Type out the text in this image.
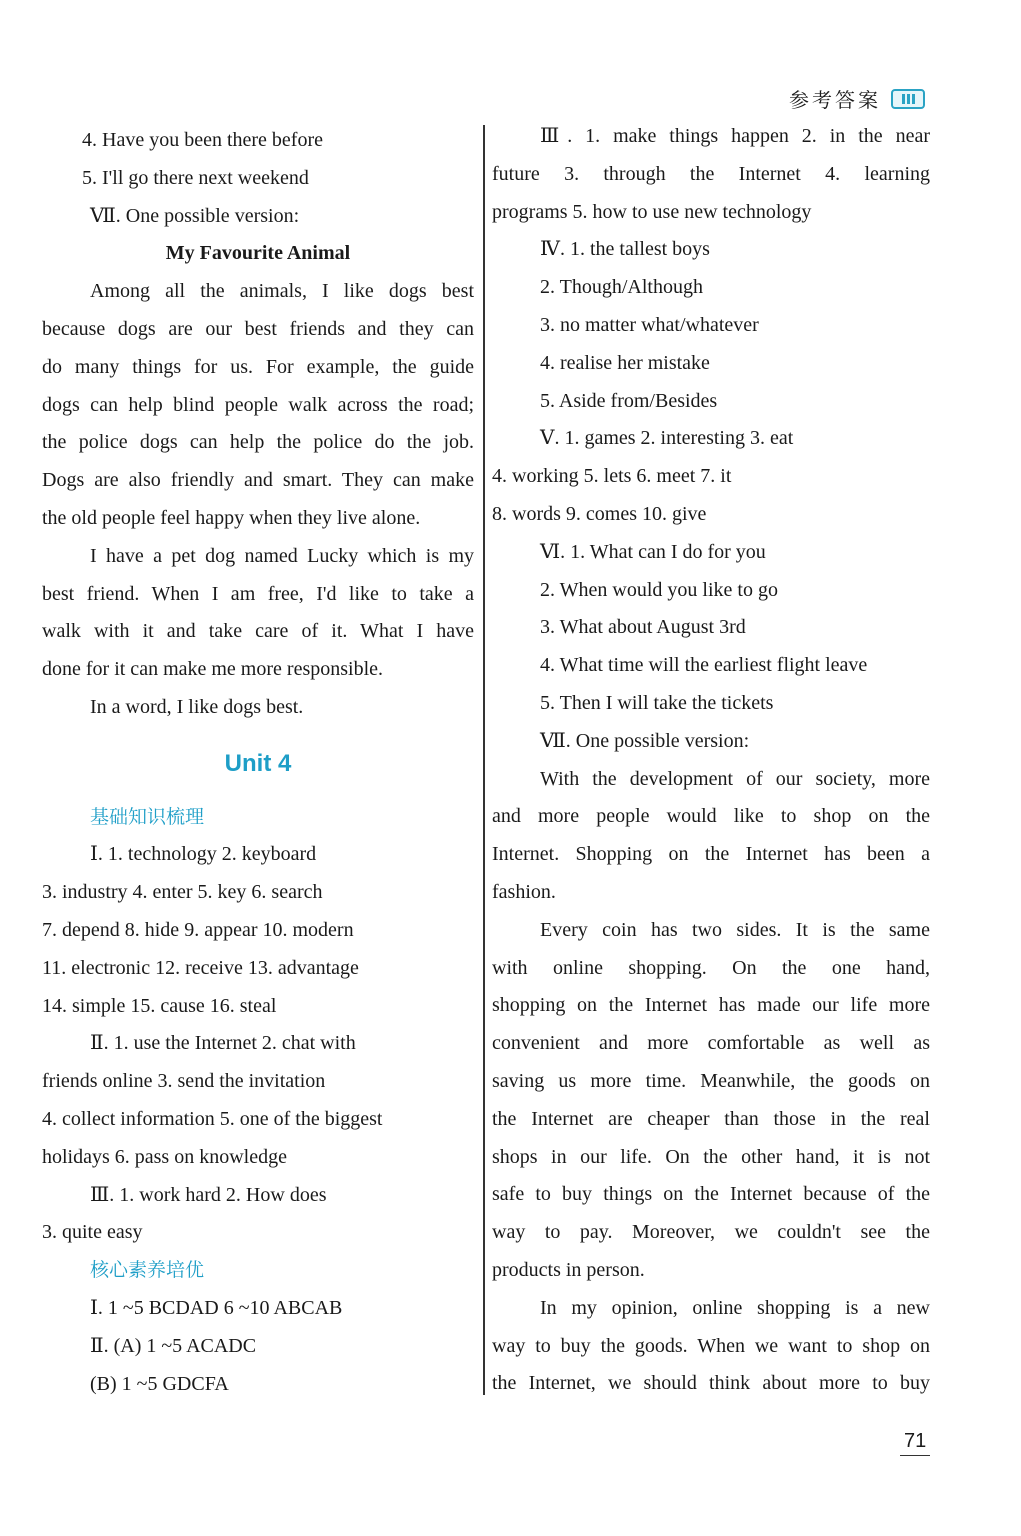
参考答案
4. Have you been there before
5. I'll go there next weekend
Ⅶ. One possible version:
My Favourite Animal
Among all the animals, I like dogs best
because dogs are our best friends and they can
do many things for us. For example, the guide
dogs can help blind people walk across the road;
the police dogs can help the police do the job.
Dogs are also friendly and smart. They can make
the old people feel happy when they live alone.
I have a pet dog named Lucky which is my
best friend. When I am free, I'd like to take a
walk with it and take care of it. What I have
done for it can make me more responsible.
In a word, I like dogs best.
Unit 4
基础知识梳理
Ⅰ. 1. technology 2. keyboard
3. industry 4. enter 5. key 6. search
7. depend 8. hide 9. appear 10. modern
11. electronic 12. receive 13. advantage
14. simple 15. cause 16. steal
Ⅱ. 1. use the Internet 2. chat with
friends online 3. send the invitation
4. collect information 5. one of the biggest
holidays 6. pass on knowledge
Ⅲ. 1. work hard 2. How does
3. quite easy
核心素养培优
Ⅰ. 1 ~5 BCDAD 6 ~10 ABCAB
Ⅱ. (A) 1 ~5 ACADC
(B) 1 ~5 GDCFA
Ⅲ. 1. make things happen 2. in the near
future 3. through the Internet 4. learning
programs 5. how to use new technology
Ⅳ. 1. the tallest boys
2. Though/Although
3. no matter what/whatever
4. realise her mistake
5. Aside from/Besides
Ⅴ. 1. games 2. interesting 3. eat
4. working 5. lets 6. meet 7. it
8. words 9. comes 10. give
Ⅵ. 1. What can I do for you
2. When would you like to go
3. What about August 3rd
4. What time will the earliest flight leave
5. Then I will take the tickets
Ⅶ. One possible version:
With the development of our society, more
and more people would like to shop on the
Internet. Shopping on the Internet has been a
fashion.
Every coin has two sides. It is the same
with online shopping. On the one hand,
shopping on the Internet has made our life more
convenient and more comfortable as well as
saving us more time. Meanwhile, the goods on
the Internet are cheaper than those in the real
shops in our life. On the other hand, it is not
safe to buy things on the Internet because of the
way to pay. Moreover, we couldn't see the
products in person.
In my opinion, online shopping is a new
way to buy the goods. When we want to shop on
the Internet, we should think about more to buy
71
